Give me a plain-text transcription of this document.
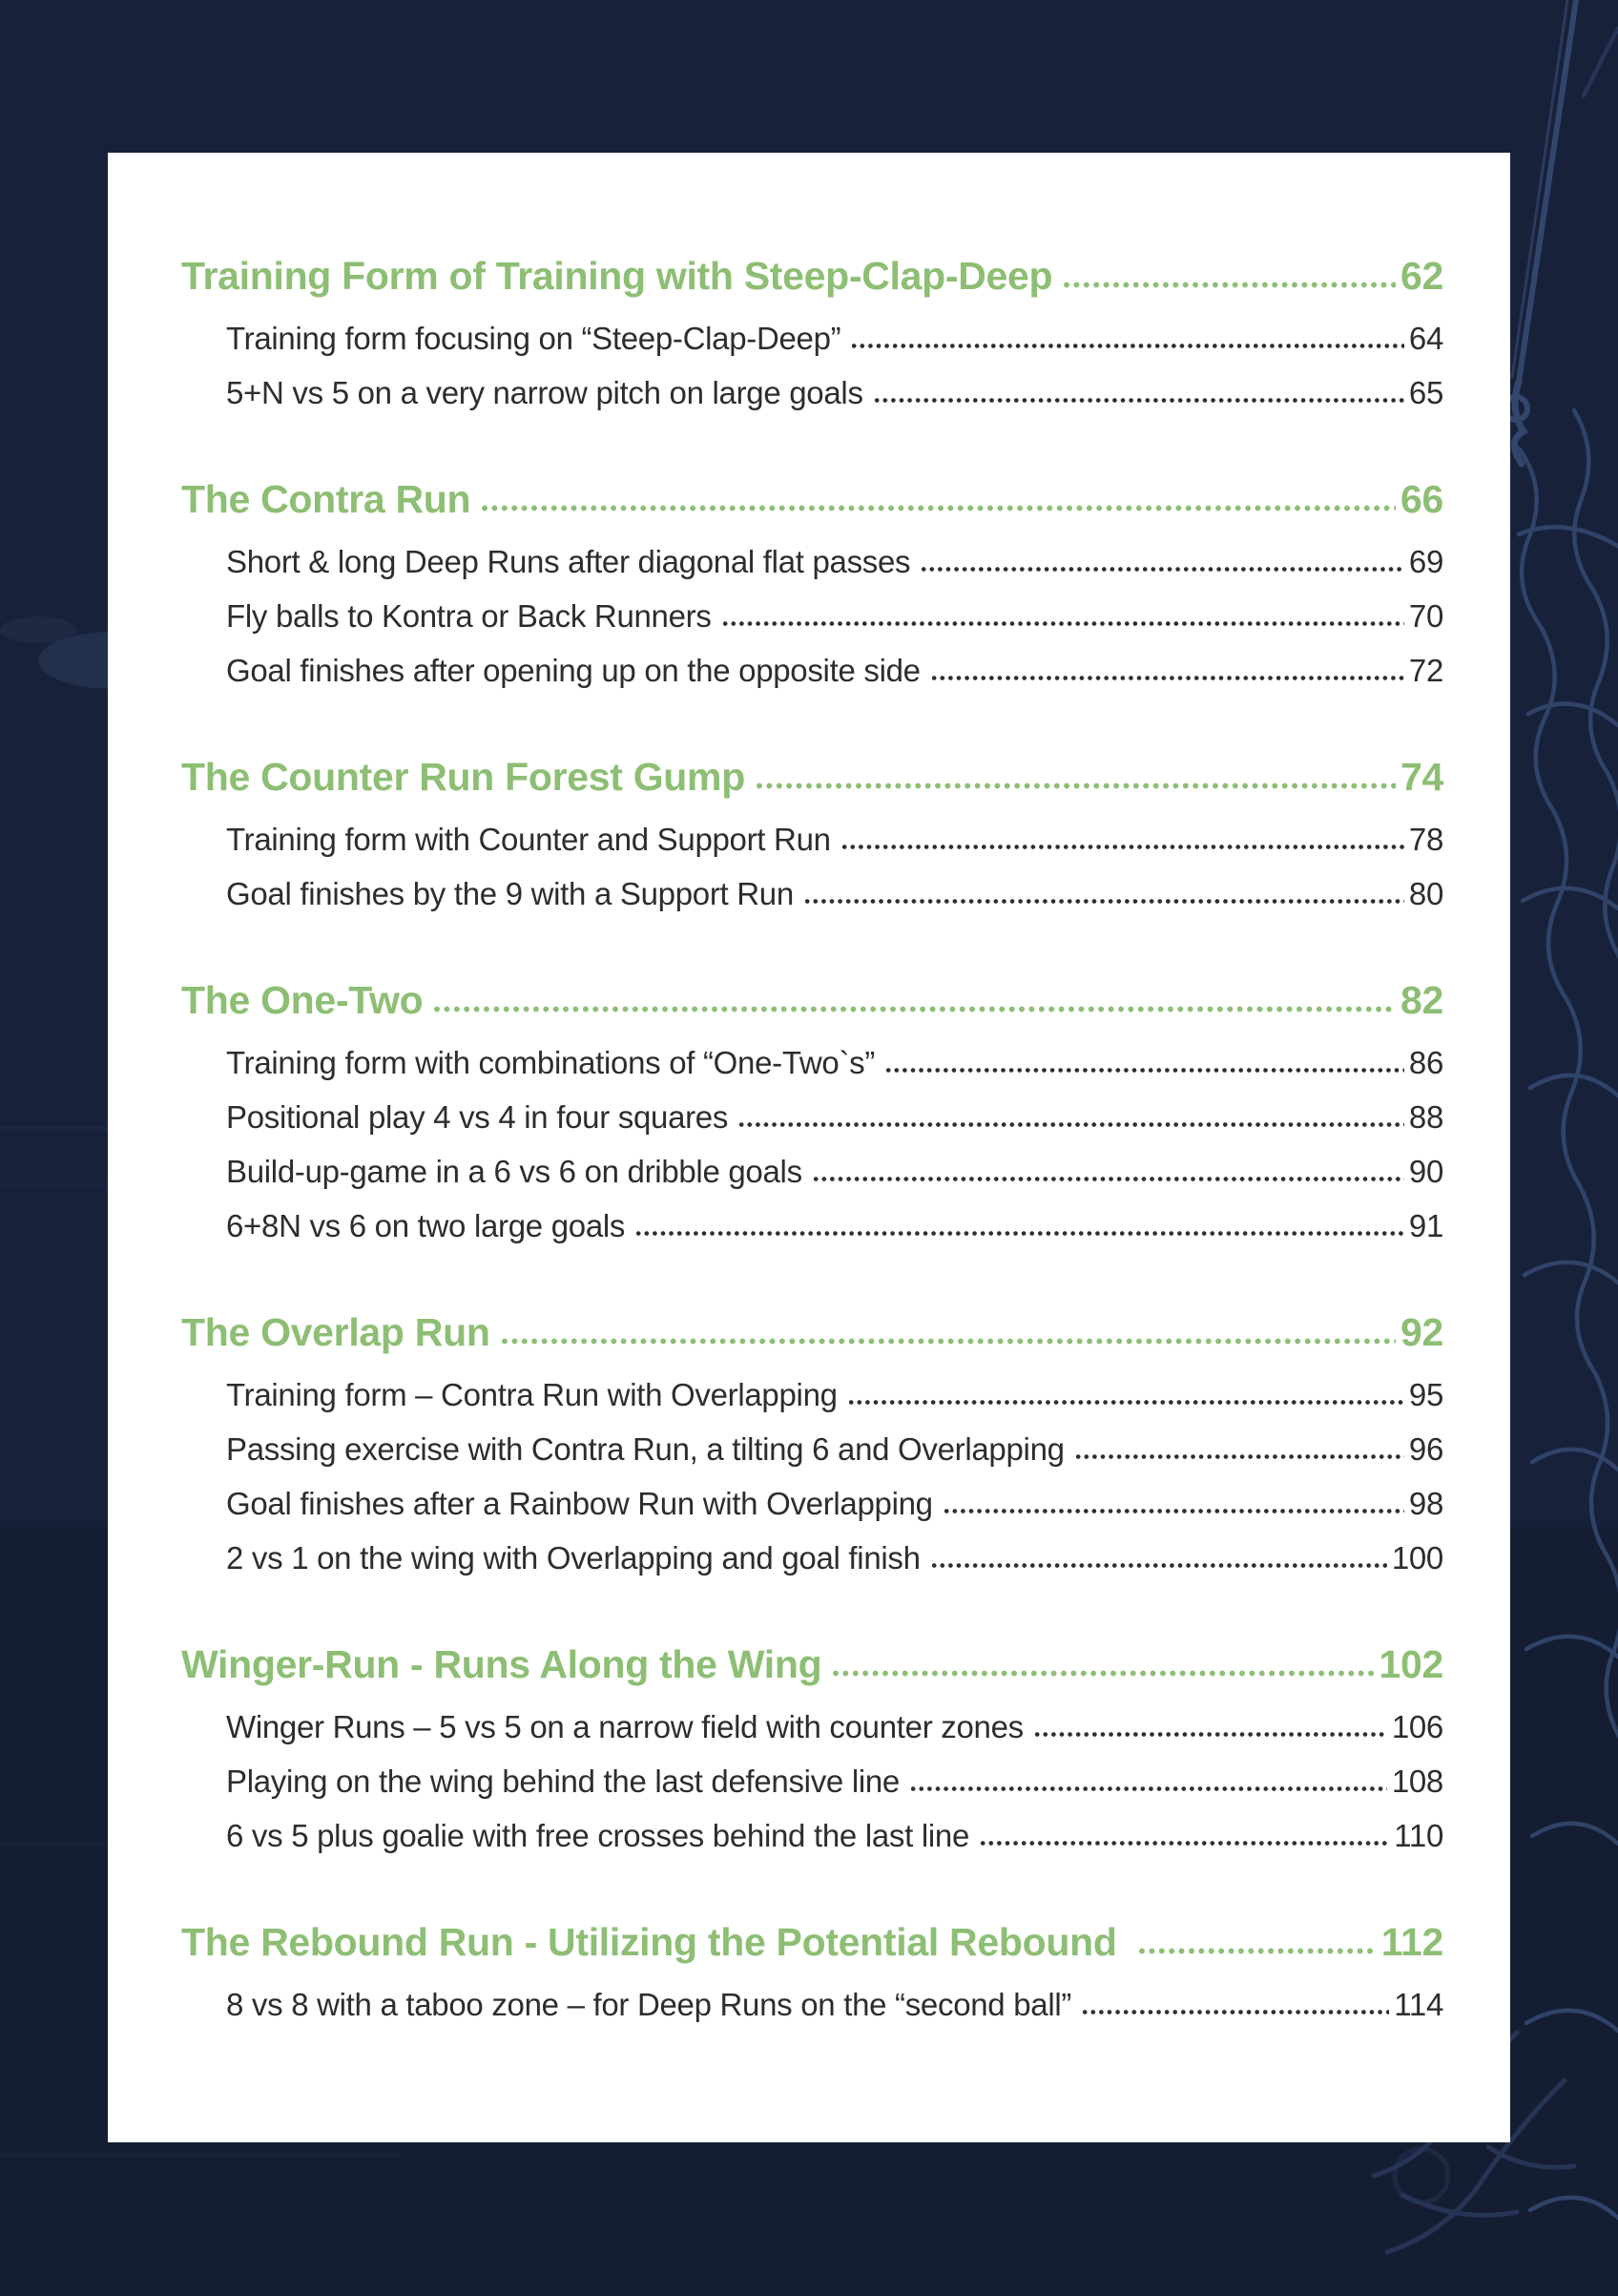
Training Form of Training with Steep-Clap-Deep	62
Training form focusing on “Steep-Clap-Deep”	64
5+N vs 5 on a very narrow pitch on large goals	65
The Contra Run	66
Short & long Deep Runs after diagonal flat passes	69
Fly balls to Kontra or Back Runners	70
Goal finishes after opening up on the opposite side	72
The Counter Run Forest Gump	74
Training form with Counter and Support Run	78
Goal finishes by the 9 with a Support Run	80
The One-Two	82
Training form with combinations of “One-Two`s”	86
Positional play 4 vs 4 in four squares	88
Build-up-game in a 6 vs 6 on dribble goals	90
6+8N vs 6 on two large goals	91
The Overlap Run	92
Training form – Contra Run with Overlapping	95
Passing exercise with Contra Run, a tilting 6 and Overlapping	96
Goal finishes after a Rainbow Run with Overlapping	98
2 vs 1 on the wing with Overlapping and goal finish	100
Winger-Run - Runs Along the Wing	102
Winger Runs – 5 vs 5 on a narrow field with counter zones	106
Playing on the wing behind the last defensive line	108
6 vs 5 plus goalie with free crosses behind the last line	110
The Rebound Run - Utilizing the Potential Rebound	112
8 vs 8 with a taboo zone – for Deep Runs on the “second ball”	114
